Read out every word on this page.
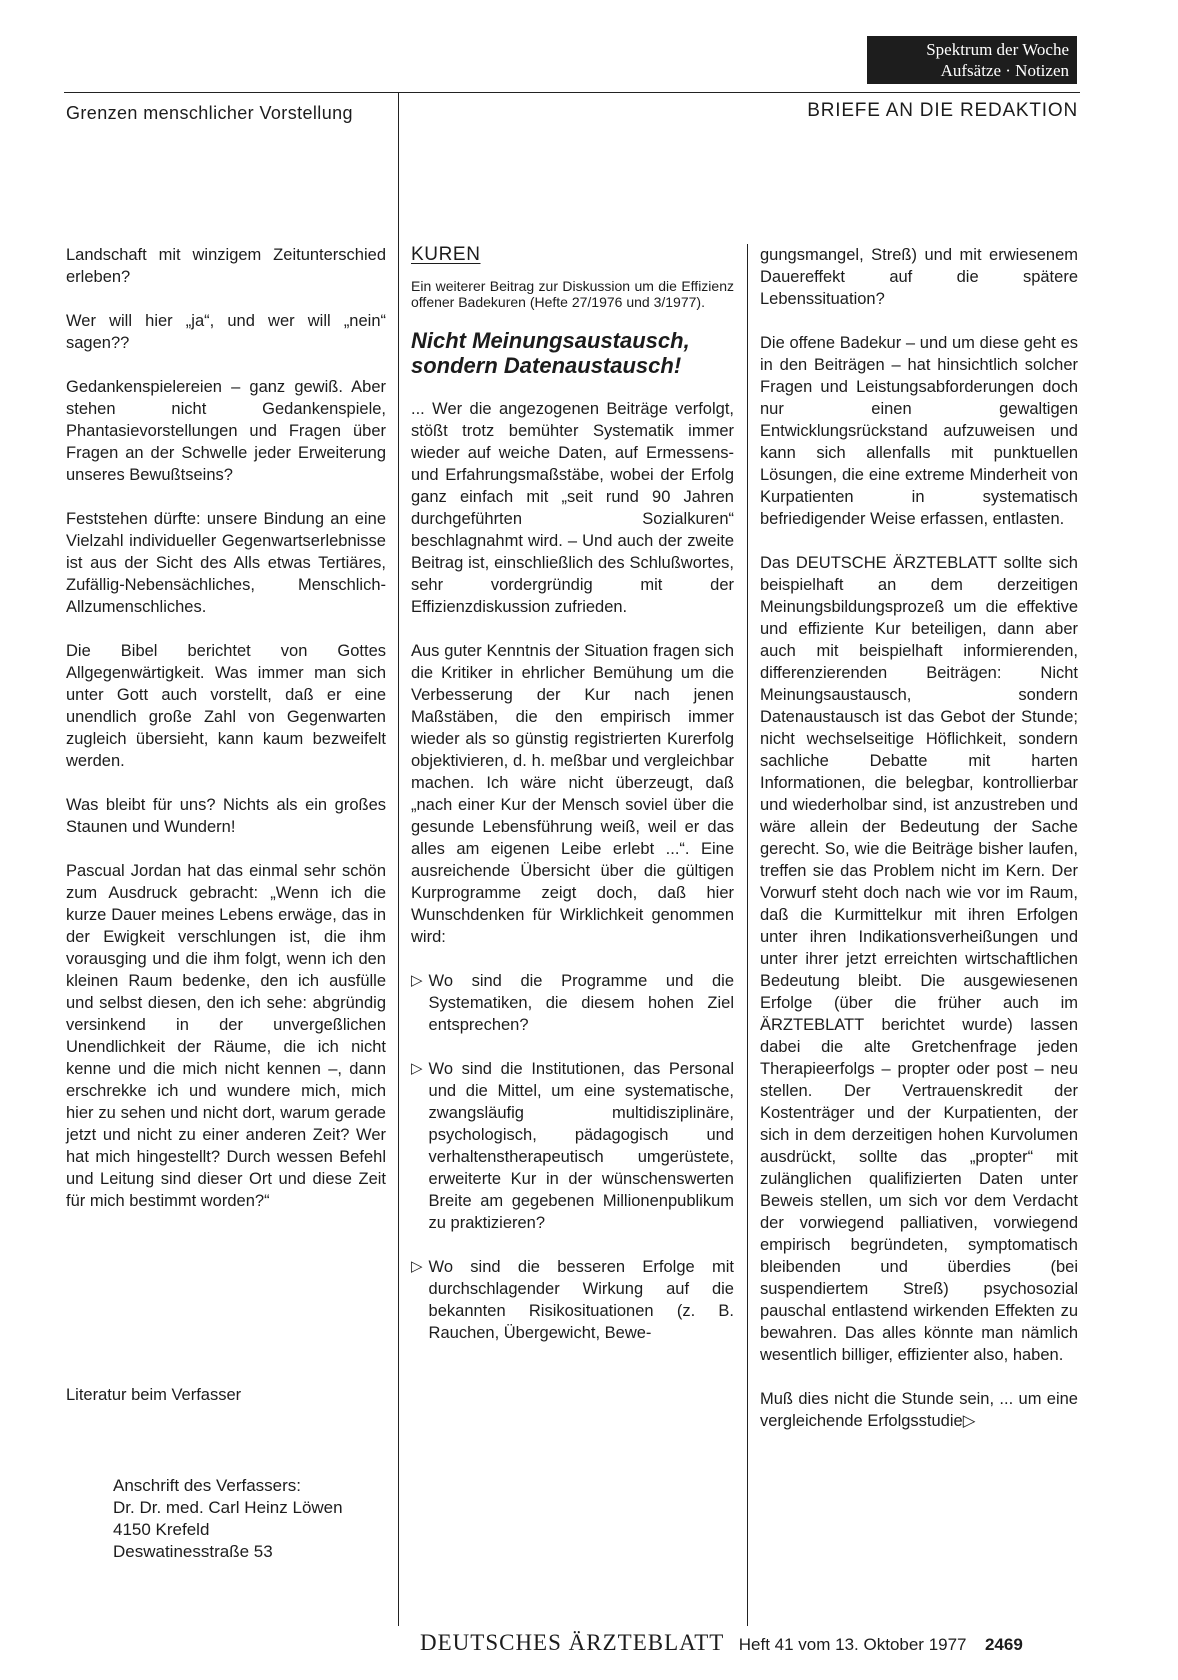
Spektrum der Woche
Aufsätze · Notizen
Grenzen menschlicher Vorstellung	BRIEFE AN DIE REDAKTION

Landschaft mit winzigem Zeitunterschied erleben?

Wer will hier „ja“, und wer will „nein“ sagen??

Gedankenspielereien – ganz gewiß. Aber stehen nicht Gedankenspiele, Phantasievorstellungen und Fragen über Fragen an der Schwelle jeder Erweiterung unseres Bewußtseins?

Feststehen dürfte: unsere Bindung an eine Vielzahl individueller Gegenwartserlebnisse ist aus der Sicht des Alls etwas Tertiäres, Zufällig-Nebensächliches, Menschlich-Allzumenschliches.

Die Bibel berichtet von Gottes Allgegenwärtigkeit. Was immer man sich unter Gott auch vorstellt, daß er eine unendlich große Zahl von Gegenwarten zugleich übersieht, kann kaum bezweifelt werden.

Was bleibt für uns? Nichts als ein großes Staunen und Wundern!

Pascual Jordan hat das einmal sehr schön zum Ausdruck gebracht: „Wenn ich die kurze Dauer meines Lebens erwäge, das in der Ewigkeit verschlungen ist, die ihm vorausging und die ihm folgt, wenn ich den kleinen Raum bedenke, den ich ausfülle und selbst diesen, den ich sehe: abgründig versinkend in der unvergeßlichen Unendlichkeit der Räume, die ich nicht kenne und die mich nicht kennen –, dann erschrekke ich und wundere mich, mich hier zu sehen und nicht dort, warum gerade jetzt und nicht zu einer anderen Zeit? Wer hat mich hingestellt? Durch wessen Befehl und Leitung sind dieser Ort und diese Zeit für mich bestimmt worden?“

Literatur beim Verfasser
Anschrift des Verfassers:
Dr. Dr. med. Carl Heinz Löwen
4150 Krefeld
Deswatinesstraße 53
KUREN

Ein weiterer Beitrag zur Diskussion um die Effizienz offener Badekuren (Hefte 27/1976 und 3/1977).

Nicht Meinungsaustausch, sondern Datenaustausch!

... Wer die angezogenen Beiträge verfolgt, stößt trotz bemühter Systematik immer wieder auf weiche Daten, auf Ermessens- und Erfahrungsmaßstäbe, wobei der Erfolg ganz einfach mit „seit rund 90 Jahren durchgeführten Sozialkuren“ beschlagnahmt wird. – Und auch der zweite Beitrag ist, einschließlich des Schlußwortes, sehr vordergründig mit der Effizienzdiskussion zufrieden.

Aus guter Kenntnis der Situation fragen sich die Kritiker in ehrlicher Bemühung um die Verbesserung der Kur nach jenen Maßstäben, die den empirisch immer wieder als so günstig registrierten Kurerfolg objektivieren, d. h. meßbar und vergleichbar machen. Ich wäre nicht überzeugt, daß „nach einer Kur der Mensch soviel über die gesunde Lebensführung weiß, weil er das alles am eigenen Leibe erlebt ...“. Eine ausreichende Übersicht über die gültigen Kurprogramme zeigt doch, daß hier Wunschdenken für Wirklichkeit genommen wird:

▷ Wo sind die Programme und die Systematiken, die diesem hohen Ziel entsprechen?

▷ Wo sind die Institutionen, das Personal und die Mittel, um eine systematische, zwangsläufig multidisziplinäre, psychologisch, pädagogisch und verhaltenstherapeutisch umgerüstete, erweiterte Kur in der wünschenswerten Breite am gegebenen Millionenpublikum zu praktizieren?

▷ Wo sind die besseren Erfolge mit durchschlagender Wirkung auf die bekannten Risikosituationen (z. B. Rauchen, Übergewicht, Bewe-

gungsmangel, Streß) und mit erwiesenem Dauereffekt auf die spätere Lebenssituation?

Die offene Badekur – und um diese geht es in den Beiträgen – hat hinsichtlich solcher Fragen und Leistungsabforderungen doch nur einen gewaltigen Entwicklungsrückstand aufzuweisen und kann sich allenfalls mit punktuellen Lösungen, die eine extreme Minderheit von Kurpatienten in systematisch befriedigender Weise erfassen, entlasten.

Das DEUTSCHE ÄRZTEBLATT sollte sich beispielhaft an dem derzeitigen Meinungsbildungsprozeß um die effektive und effiziente Kur beteiligen, dann aber auch mit beispielhaft informierenden, differenzierenden Beiträgen: Nicht Meinungsaustausch, sondern Datenaustausch ist das Gebot der Stunde; nicht wechselseitige Höflichkeit, sondern sachliche Debatte mit harten Informationen, die belegbar, kontrollierbar und wiederholbar sind, ist anzustreben und wäre allein der Bedeutung der Sache gerecht. So, wie die Beiträge bisher laufen, treffen sie das Problem nicht im Kern. Der Vorwurf steht doch nach wie vor im Raum, daß die Kurmittelkur mit ihren Erfolgen unter ihren Indikationsverheißungen und unter ihrer jetzt erreichten wirtschaftlichen Bedeutung bleibt. Die ausgewiesenen Erfolge (über die früher auch im ÄRZTEBLATT berichtet wurde) lassen dabei die alte Gretchenfrage jeden Therapieerfolgs – propter oder post – neu stellen. Der Vertrauenskredit der Kostenträger und der Kurpatienten, der sich in dem derzeitigen hohen Kurvolumen ausdrückt, sollte das „propter“ mit zulänglichen qualifizierten Daten unter Beweis stellen, um sich vor dem Verdacht der vorwiegend palliativen, vorwiegend empirisch begründeten, symptomatisch bleibenden und überdies (bei suspendiertem Streß) psychosozial pauschal entlastend wirkenden Effekten zu bewahren. Das alles könnte man nämlich wesentlich billiger, effizienter also, haben.

Muß dies nicht die Stunde sein, ... um eine vergleichende Erfolgsstudie▷

DEUTSCHES ÄRZTEBLATT Heft 41 vom 13. Oktober 1977 2469
